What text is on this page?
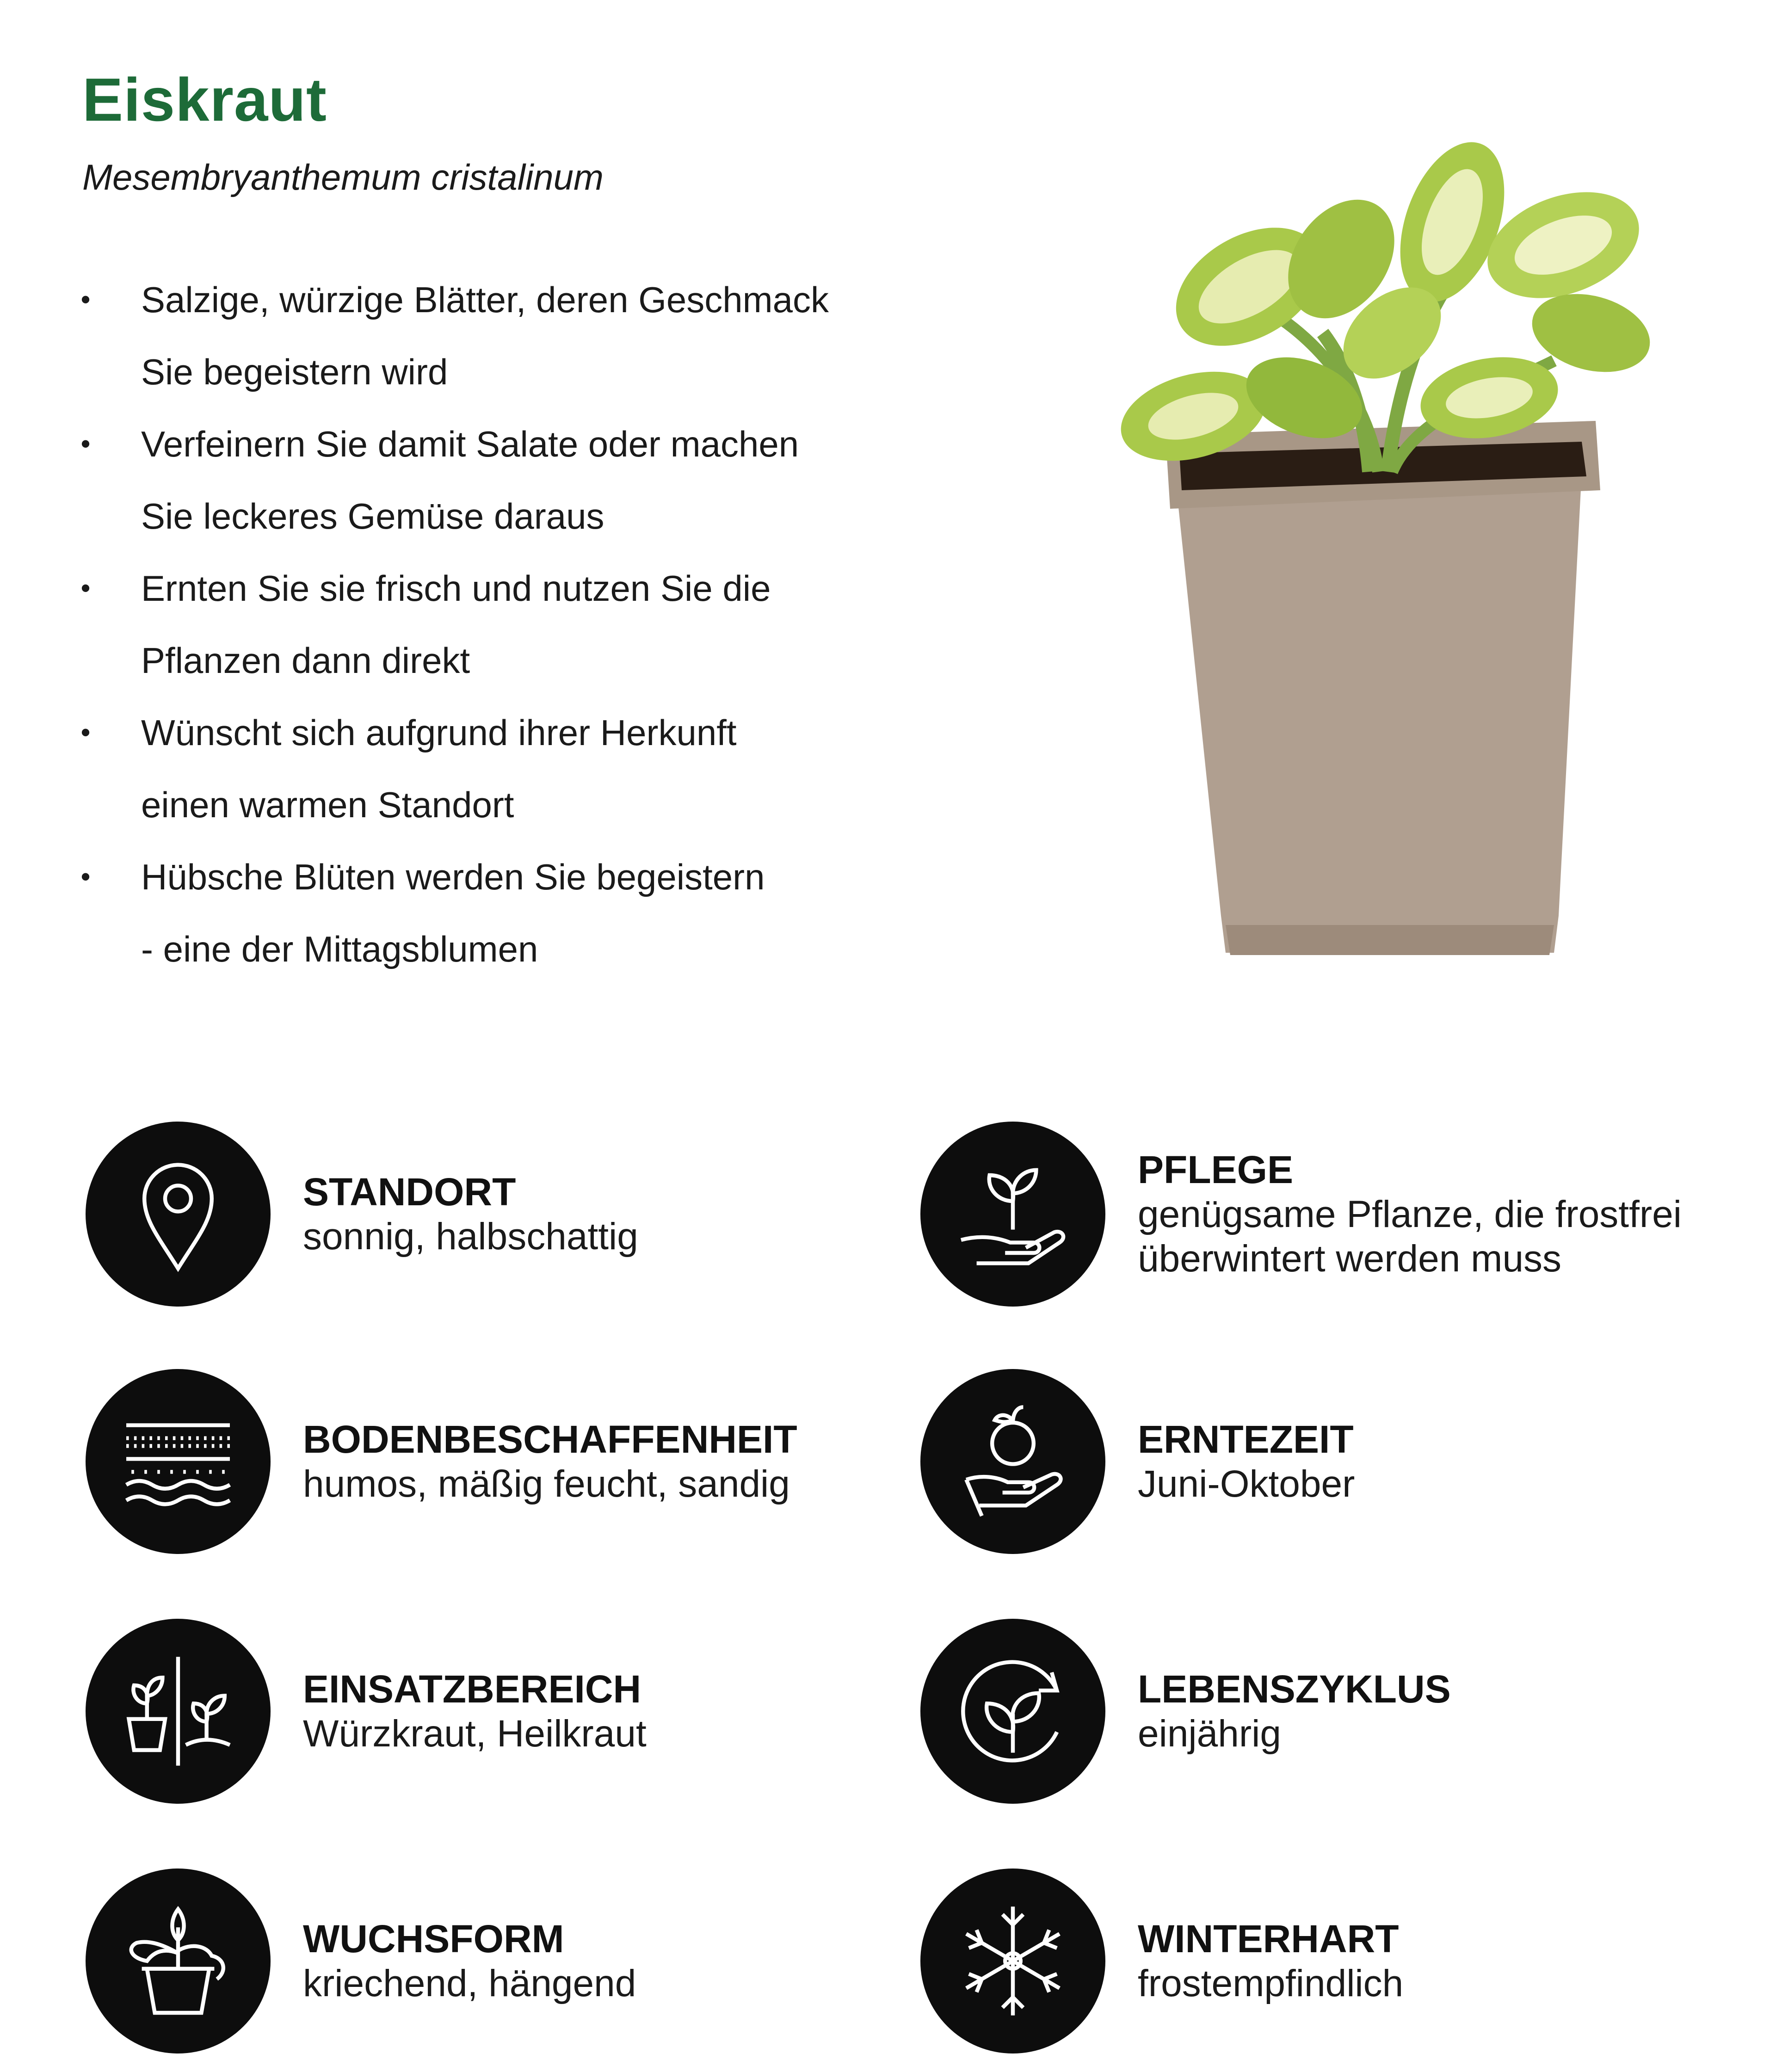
Eiskraut
Mesembryanthemum cristalinum
• Salzige, würzige Blätter, deren Geschmack
Sie begeistern wird
• Verfeinern Sie damit Salate oder machen
Sie leckeres Gemüse daraus
• Ernten Sie sie frisch und nutzen Sie die
Pflanzen dann direkt
• Wünscht sich aufgrund ihrer Herkunft
einen warmen Standort
• Hübsche Blüten werden Sie begeistern
- eine der Mittagsblumen
STANDORT
sonnig, halbschattig
PFLEGE
genügsame Pflanze, die frostfrei
überwintert werden muss
BODENBESCHAFFENHEIT
humos, mäßig feucht, sandig
ERNTEZEIT
Juni-Oktober
EINSATZBEREICH
Würzkraut, Heilkraut
LEBENSZYKLUS
einjährig
WUCHSFORM
kriechend, hängend
WINTERHART
frostempfindlich
